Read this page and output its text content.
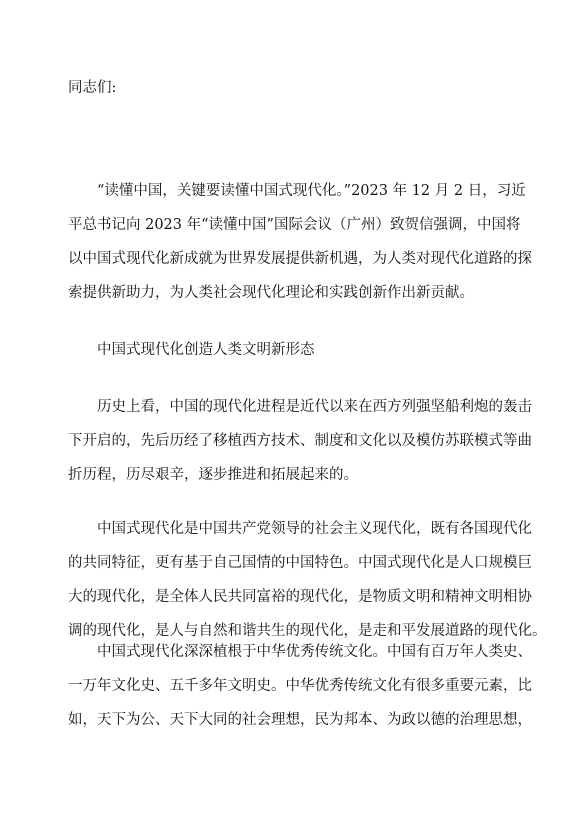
同志们:
“读懂中国，关键要读懂中国式现代化。”2023 年 12 月 2 日，习近
平总书记向 2023 年“读懂中国”国际会议（广州）致贺信强调，中国将
以中国式现代化新成就为世界发展提供新机遇，为人类对现代化道路的探
索提供新助力，为人类社会现代化理论和实践创新作出新贡献。
中国式现代化创造人类文明新形态
历史上看，中国的现代化进程是近代以来在西方列强坚船利炮的轰击
下开启的，先后历经了移植西方技术、制度和文化以及模仿苏联模式等曲
折历程，历尽艰辛，逐步推进和拓展起来的。
中国式现代化是中国共产党领导的社会主义现代化，既有各国现代化
的共同特征，更有基于自己国情的中国特色。中国式现代化是人口规模巨
大的现代化，是全体人民共同富裕的现代化，是物质文明和精神文明相协
调的现代化，是人与自然和谐共生的现代化，是走和平发展道路的现代化。
中国式现代化深深植根于中华优秀传统文化。中国有百万年人类史、
一万年文化史、五千多年文明史。中华优秀传统文化有很多重要元素，比
如，天下为公、天下大同的社会理想，民为邦本、为政以德的治理思想，
